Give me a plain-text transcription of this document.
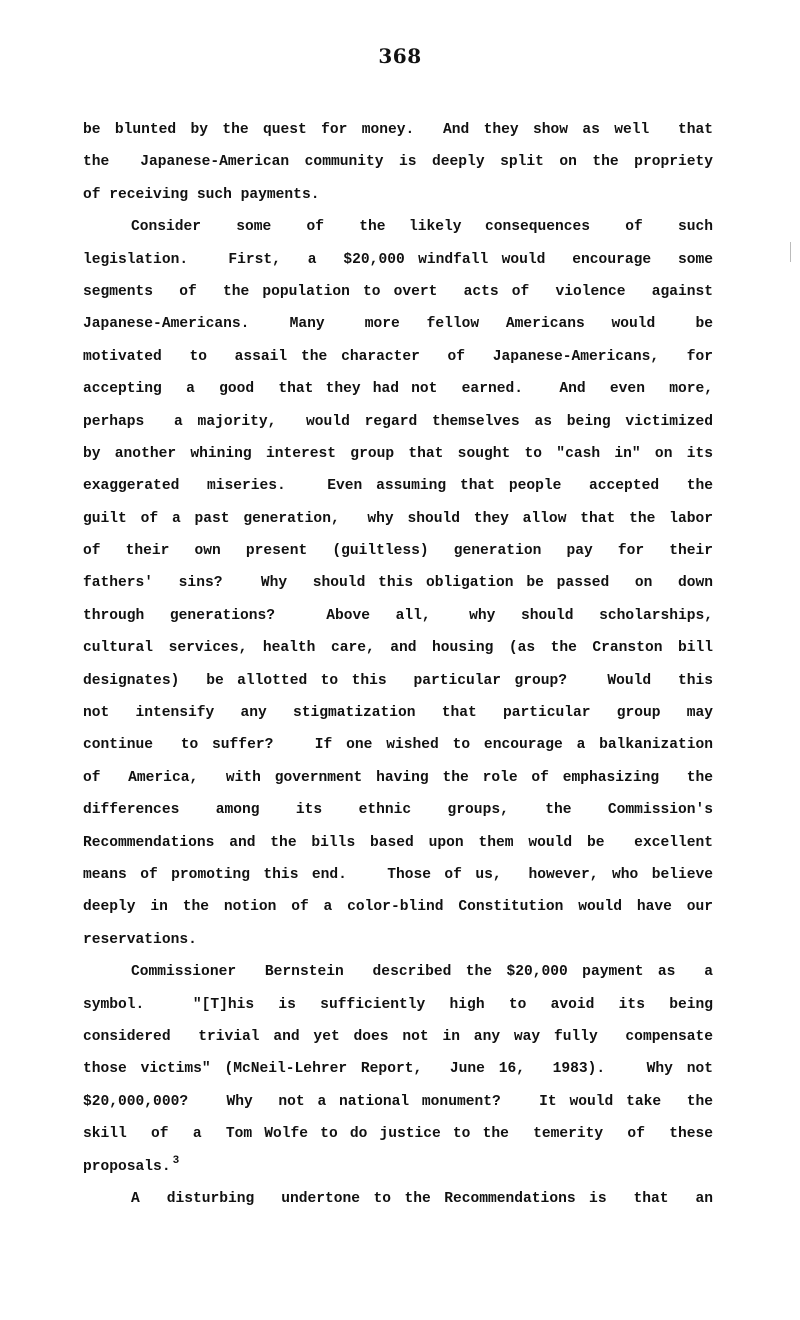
368
be blunted by the quest for money.  And they show as well  that
the  Japanese-American community is deeply split on the propriety
of receiving such payments.
Consider   some   of   the  likely  consequences   of   such
legislation.   First,  a  $20,000 windfall would  encourage  some
segments  of  the population to overt  acts of  violence  against
Japanese-Americans.   Many   more  fellow  Americans  would   be
motivated  to  assail the character  of  Japanese-Americans,  for
accepting  a  good  that they had not  earned.   And  even  more,
perhaps  a majority,  would regard themselves as being victimized
by another whining interest group that sought to "cash in" on its
exaggerated  miseries.   Even assuming that people  accepted  the
guilt of a past generation,  why should they allow that the labor
of  their  own  present  (guiltless)  generation  pay  for  their
fathers'  sins?   Why  should this obligation be passed  on  down
through  generations?    Above  all,   why  should  scholarships,
cultural services, health care, and housing (as the Cranston bill
designates)  be allotted to this  particular group?   Would  this
not  intensify  any  stigmatization  that  particular  group  may
continue  to suffer?   If one wished to encourage a balkanization
of  America,  with government having the role of emphasizing  the
differences   among   its   ethnic   groups,   the   Commission's
Recommendations and the bills based upon them would be  excellent
means of promoting this end.   Those of us,  however, who believe
deeply in the notion of a color-blind Constitution would have our
reservations.
Commissioner  Bernstein  described the $20,000 payment as  a
symbol.    "[T]his  is  sufficiently  high  to  avoid  its  being
considered  trivial and yet does not in any way fully  compensate
those victims" (McNeil-Lehrer Report,  June 16,  1983).   Why not
$20,000,000?   Why  not a national monument?   It would take  the
skill  of  a  Tom Wolfe to do justice to the  temerity  of  these
proposals. $^3$
A  disturbing  undertone to the Recommendations is  that  an
